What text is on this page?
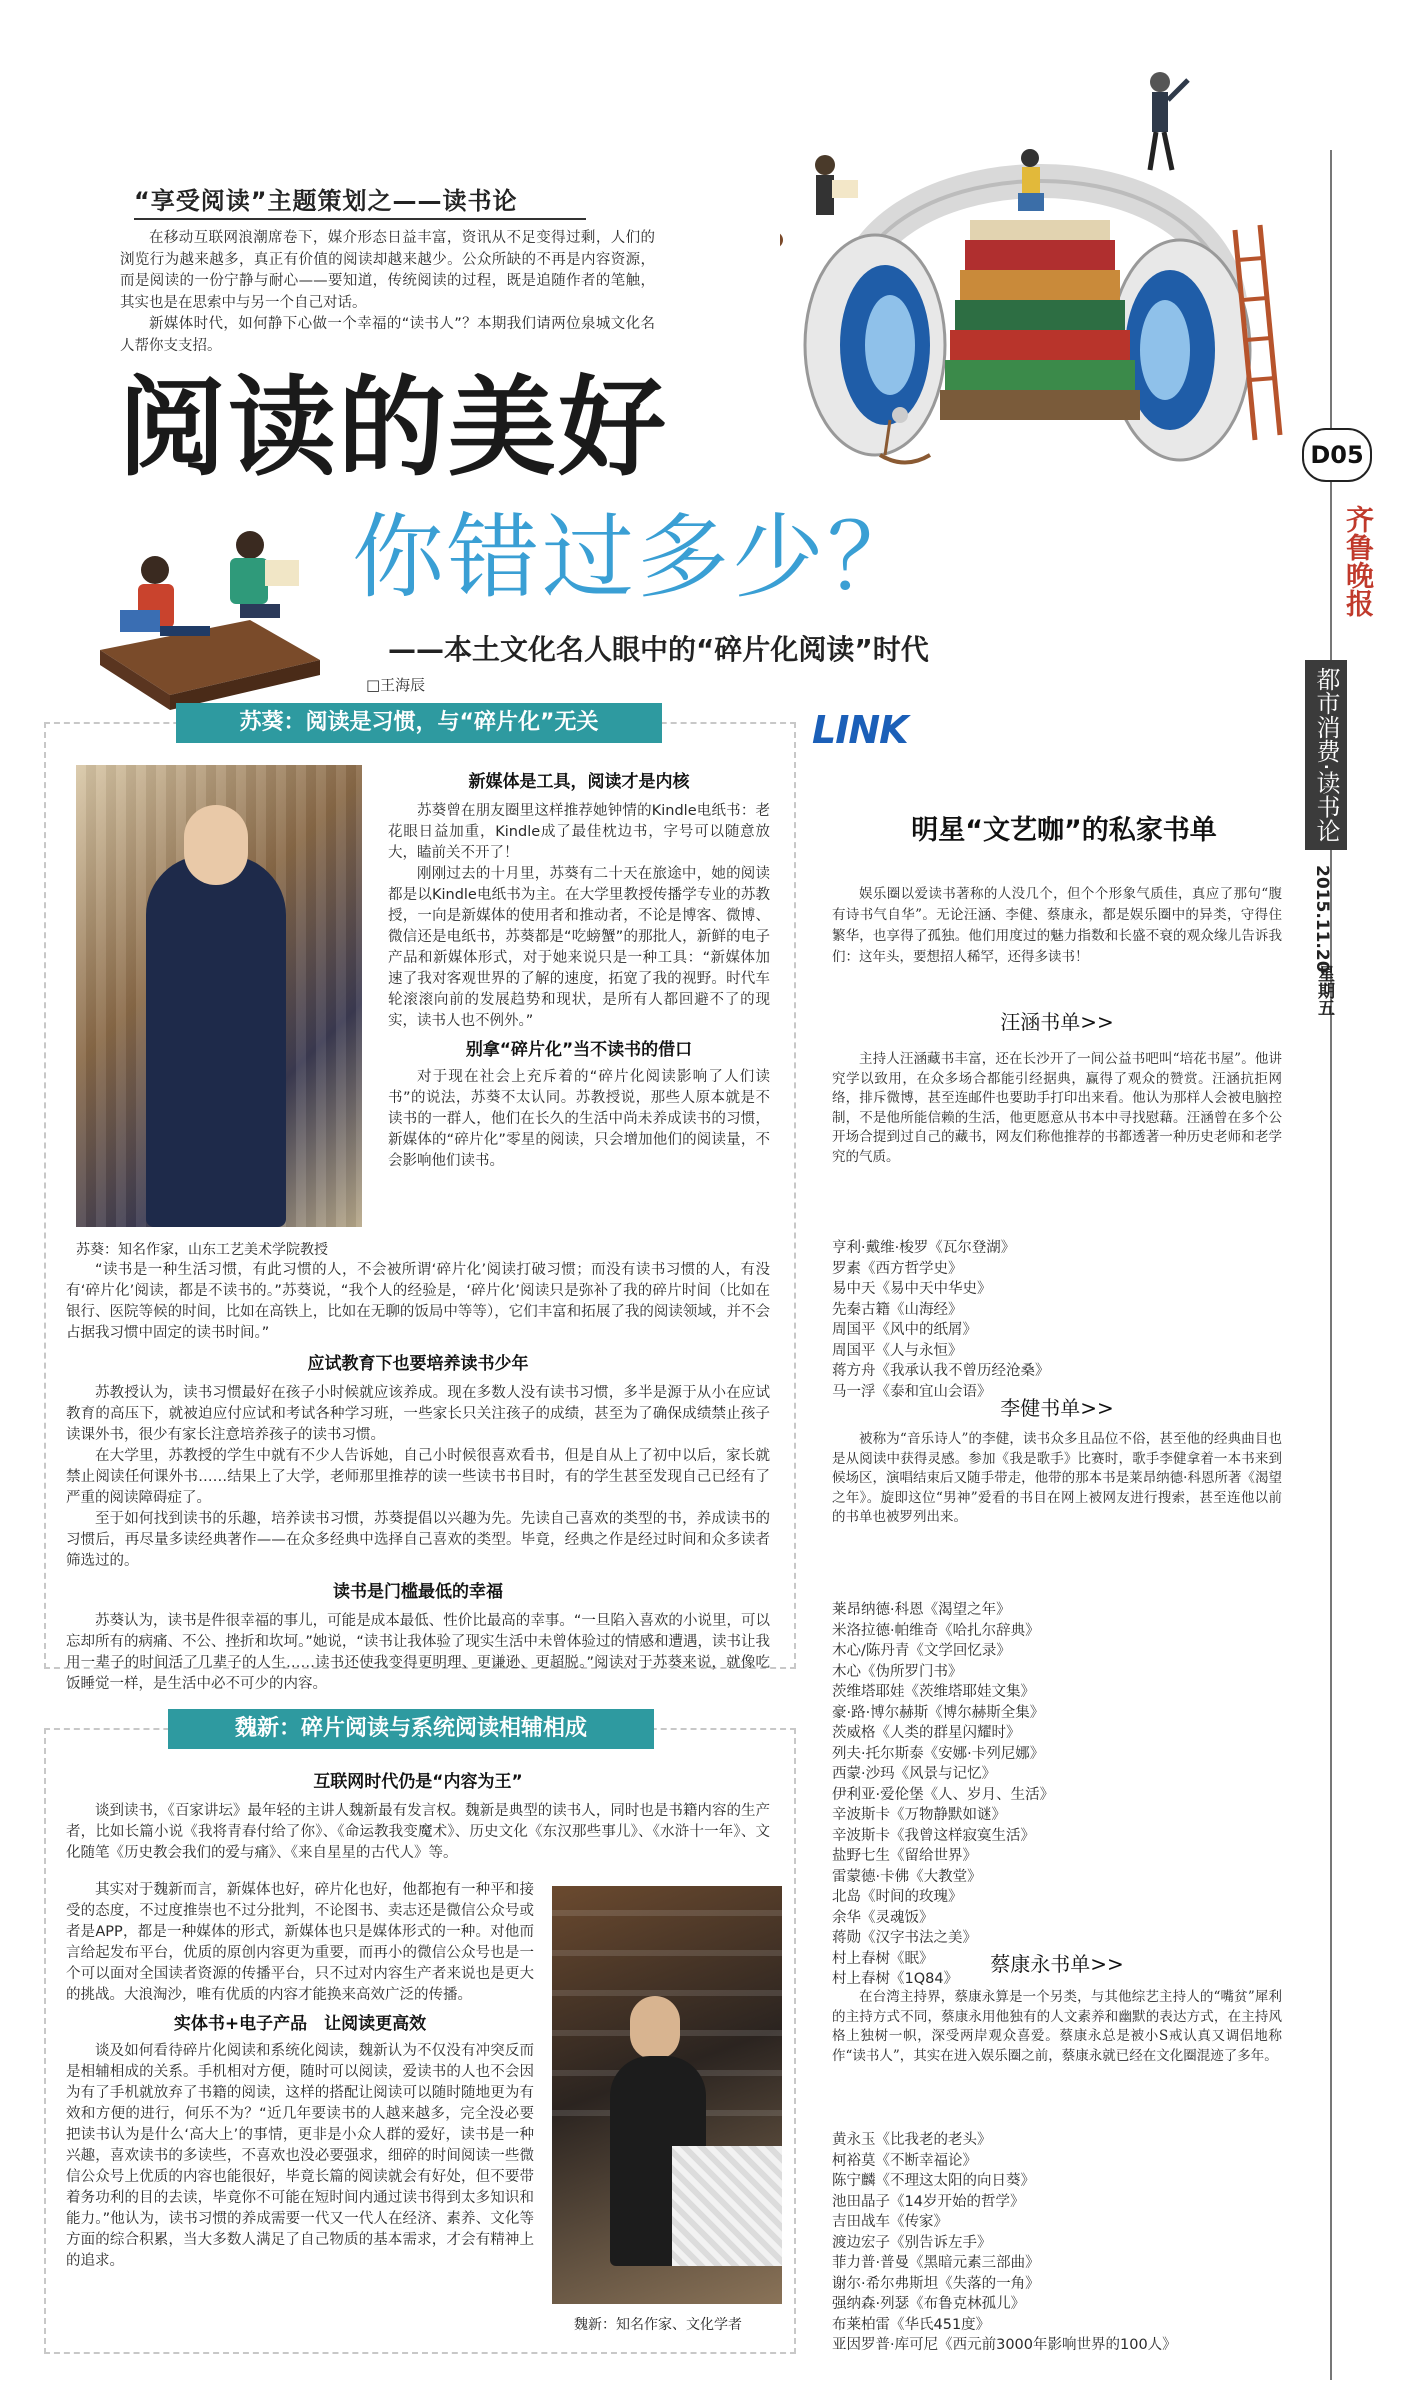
“享受阅读”主题策划之——读书论

在移动互联网浪潮席卷下，媒介形态日益丰富，资讯从不足变得过剩，人们的浏览行为越来越多，真正有价值的阅读却越来越少。公众所缺的不再是内容资源，而是阅读的一份宁静与耐心——要知道，传统阅读的过程，既是追随作者的笔触，其实也是在思索中与另一个自己对话。

新媒体时代，如何静下心做一个幸福的“读书人”？本期我们请两位泉城文化名人帮你支支招。

阅读的美好
你错过多少？
——本土文化名人眼中的“碎片化阅读”时代
□王海辰
D05
齐鲁晚报
都市消费·读书论
2015.11.20
星期五
苏葵：阅读是习惯，与“碎片化”无关
新媒体是工具，阅读才是内核

苏葵曾在朋友圈里这样推荐她钟情的Kindle电纸书：老花眼日益加重，Kindle成了最佳枕边书，字号可以随意放大，瞌前关不开了！

刚刚过去的十月里，苏葵有二十天在旅途中，她的阅读都是以Kindle电纸书为主。在大学里教授传播学专业的苏教授，一向是新媒体的使用者和推动者，不论是博客、微博、微信还是电纸书，苏葵都是“吃螃蟹”的那批人，新鲜的电子产品和新媒体形式，对于她来说只是一种工具：“新媒体加速了我对客观世界的了解的速度，拓宽了我的视野。时代车轮滚滚向前的发展趋势和现状，是所有人都回避不了的现实，读书人也不例外。”

别拿“碎片化”当不读书的借口

对于现在社会上充斥着的“碎片化阅读影响了人们读书”的说法，苏葵不太认同。苏教授说，那些人原本就是不读书的一群人，他们在长久的生活中尚未养成读书的习惯，新媒体的“碎片化”零星的阅读，只会增加他们的阅读量，不会影响他们读书。

苏葵：知名作家，山东工艺美术学院教授

“读书是一种生活习惯，有此习惯的人，不会被所谓‘碎片化’阅读打破习惯；而没有读书习惯的人，有没有‘碎片化’阅读，都是不读书的。”苏葵说，“我个人的经验是，‘碎片化’阅读只是弥补了我的碎片时间（比如在银行、医院等候的时间，比如在高铁上，比如在无聊的饭局中等等），它们丰富和拓展了我的阅读领域，并不会占据我习惯中固定的读书时间。”

应试教育下也要培养读书少年

苏教授认为，读书习惯最好在孩子小时候就应该养成。现在多数人没有读书习惯，多半是源于从小在应试教育的高压下，就被迫应付应试和考试各种学习班，一些家长只关注孩子的成绩，甚至为了确保成绩禁止孩子读课外书，很少有家长注意培养孩子的读书习惯。

在大学里，苏教授的学生中就有不少人告诉她，自己小时候很喜欢看书，但是自从上了初中以后，家长就禁止阅读任何课外书……结果上了大学，老师那里推荐的读一些读书书目时，有的学生甚至发现自己已经有了严重的阅读障碍症了。

至于如何找到读书的乐趣，培养读书习惯，苏葵提倡以兴趣为先。先读自己喜欢的类型的书，养成读书的习惯后，再尽量多读经典著作——在众多经典中选择自己喜欢的类型。毕竟，经典之作是经过时间和众多读者筛选过的。

读书是门槛最低的幸福

苏葵认为，读书是件很幸福的事儿，可能是成本最低、性价比最高的幸事。“一旦陷入喜欢的小说里，可以忘却所有的病痛、不公、挫折和坎坷。”她说，“读书让我体验了现实生活中未曾体验过的情感和遭遇，读书让我用一辈子的时间活了几辈子的人生……读书还使我变得更明理、更谦逊、更超脱。”阅读对于苏葵来说，就像吃饭睡觉一样，是生活中必不可少的内容。

魏新：碎片阅读与系统阅读相辅相成
互联网时代仍是“内容为王”

谈到读书，《百家讲坛》最年轻的主讲人魏新最有发言权。魏新是典型的读书人，同时也是书籍内容的生产者，比如长篇小说《我将青春付给了你》、《命运教我变魔术》、历史文化《东汉那些事儿》、《水浒十一年》、文化随笔《历史教会我们的爱与痛》、《来自星星的古代人》等。

其实对于魏新而言，新媒体也好，碎片化也好，他都抱有一种平和接受的态度，不过度推崇也不过分批判，不论图书、卖志还是微信公众号或者是APP，都是一种媒体的形式，新媒体也只是媒体形式的一种。对他而言给起发布平台，优质的原创内容更为重要，而再小的微信公众号也是一个可以面对全国读者资源的传播平台，只不过对内容生产者来说也是更大的挑战。大浪淘沙，唯有优质的内容才能换来高效广泛的传播。

实体书+电子产品　让阅读更高效

谈及如何看待碎片化阅读和系统化阅读，魏新认为不仅没有冲突反而是相辅相成的关系。手机相对方便，随时可以阅读，爱读书的人也不会因为有了手机就放弃了书籍的阅读，这样的搭配让阅读可以随时随地更为有效和方便的进行，何乐不为？“近几年要读书的人越来越多，完全没必要把读书认为是什么‘高大上’的事情，更非是小众人群的爱好，读书是一种兴趣，喜欢读书的多读些，不喜欢也没必要强求，细碎的时间阅读一些微信公众号上优质的内容也能很好，毕竟长篇的阅读就会有好处，但不要带着务功利的目的去读，毕竟你不可能在短时间内通过读书得到太多知识和能力。”他认为，读书习惯的养成需要一代又一代人在经济、素养、文化等方面的综合积累，当大多数人满足了自己物质的基本需求，才会有精神上的追求。

魏新：知名作家、文化学者
LINK
明星“文艺咖”的私家书单

娱乐圈以爱读书著称的人没几个，但个个形象气质佳，真应了那句“腹有诗书气自华”。无论汪涵、李健、蔡康永，都是娱乐圈中的异类，守得住繁华，也享得了孤独。他们用度过的魅力指数和长盛不衰的观众缘儿告诉我们：这年头，要想招人稀罕，还得多读书！

汪涵书单>>

主持人汪涵藏书丰富，还在长沙开了一间公益书吧叫“培花书屋”。他讲究学以致用，在众多场合都能引经据典，赢得了观众的赞赏。汪涵抗拒网络，排斥微博，甚至连邮件也要助手打印出来看。他认为那样人会被电脑控制，不是他所能信赖的生活，他更愿意从书本中寻找慰藉。汪涵曾在多个公开场合提到过自己的藏书，网友们称他推荐的书都透著一种历史老师和老学究的气质。

亨利·戴维·梭罗《瓦尔登湖》
罗素《西方哲学史》
易中天《易中天中华史》
先秦古籍《山海经》
周国平《风中的纸屑》
周国平《人与永恒》
蒋方舟《我承认我不曾历经沧桑》
马一浮《泰和宜山会语》
李健书单>>

被称为“音乐诗人”的李健，读书众多且品位不俗，甚至他的经典曲目也是从阅读中获得灵感。参加《我是歌手》比赛时，歌手李健拿着一本书来到候场区，演唱结束后又随手带走，他带的那本书是莱昂纳德·科恩所著《渴望之年》。旋即这位“男神”爱看的书目在网上被网友进行搜索，甚至连他以前的书单也被罗列出来。

莱昂纳德·科恩《渴望之年》
米洛拉德·帕维奇《哈扎尔辞典》
木心/陈丹青《文学回忆录》
木心《伪所罗门书》
茨维塔耶娃《茨维塔耶娃文集》
豪·路·博尔赫斯《博尔赫斯全集》
茨威格《人类的群星闪耀时》
列夫·托尔斯泰《安娜·卡列尼娜》
西蒙·沙玛《风景与记忆》
伊利亚·爱伦堡《人、岁月、生活》
辛波斯卡《万物静默如谜》
辛波斯卡《我曾这样寂寞生活》
盐野七生《留给世界》
雷蒙德·卡佛《大教堂》
北岛《时间的玫瑰》
余华《灵魂饭》
蒋勋《汉字书法之美》
村上春树《眠》
村上春树《1Q84》
蔡康永书单>>

在台湾主持界，蔡康永算是一个另类，与其他综艺主持人的“嘴贫”犀利的主持方式不同，蔡康永用他独有的人文素养和幽默的表达方式，在主持风格上独树一帜，深受两岸观众喜爱。蔡康永总是被小S戒认真又调侣地称作“读书人”，其实在进入娱乐圈之前，蔡康永就已经在文化圈混迹了多年。

黄永玉《比我老的老头》
柯裕莫《不断幸福论》
陈宁麟《不理这太阳的向日葵》
池田晶子《14岁开始的哲学》
吉田战车《传家》
渡边宏子《别告诉左手》
菲力普·普曼《黑暗元素三部曲》
谢尔·希尔弗斯坦《失落的一角》
强纳森·列瑟《布鲁克林孤儿》
布莱柏雷《华氏451度》
亚因罗普·库可尼《西元前3000年影响世界的100人》
